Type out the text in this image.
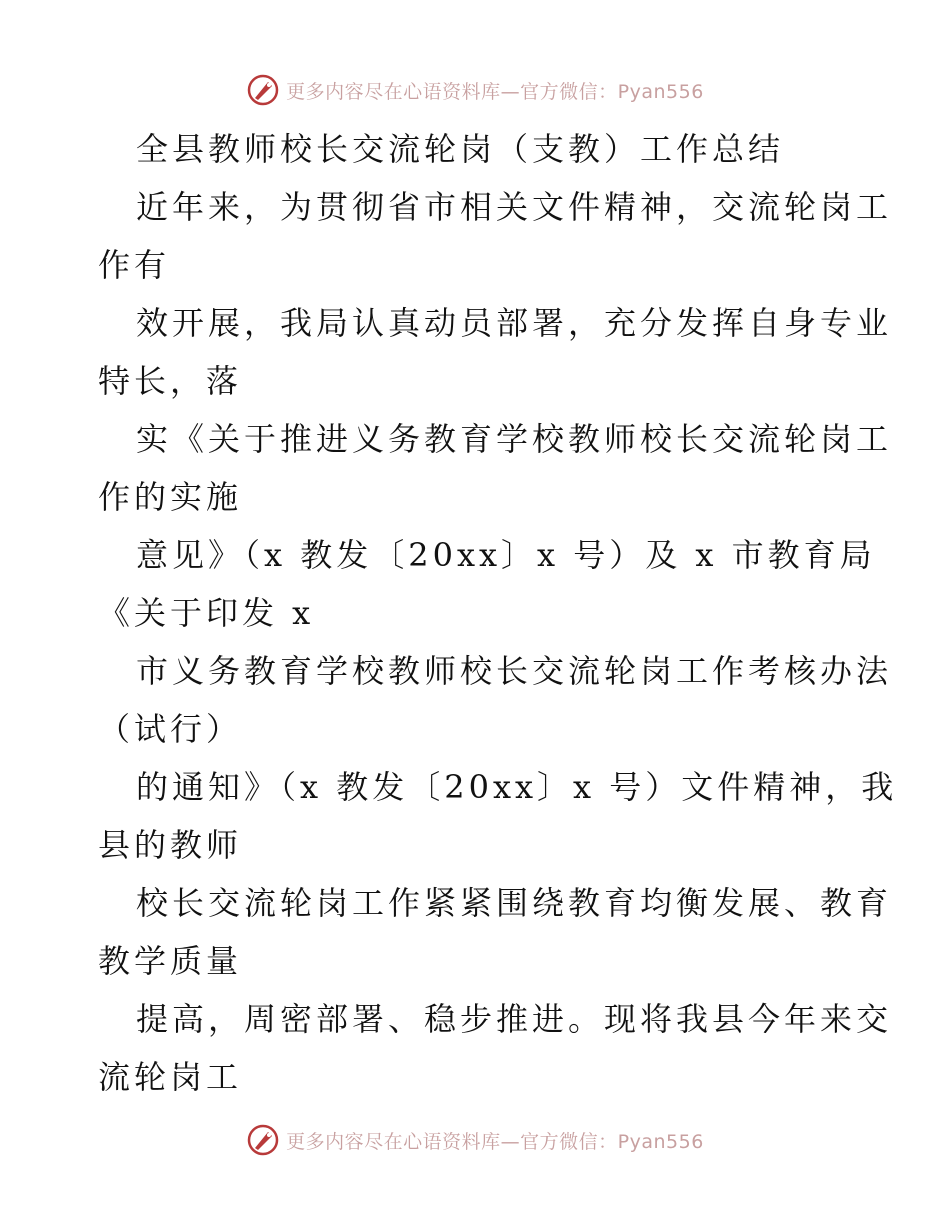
更多内容尽在心语资料库—官方微信：Pyan556
全县教师校长交流轮岗（支教）工作总结
近年来，为贯彻省市相关文件精神，交流轮岗工
作有
效开展，我局认真动员部署，充分发挥自身专业
特长，落
实《关于推进义务教育学校教师校长交流轮岗工
作的实施
意见》（x 教发〔20xx〕x 号）及 x 市教育局
《关于印发 x
市义务教育学校教师校长交流轮岗工作考核办法
（试行）
的通知》（x 教发〔20xx〕x 号）文件精神，我
县的教师
校长交流轮岗工作紧紧围绕教育均衡发展、教育
教学质量
提高，周密部署、稳步推进。现将我县今年来交
流轮岗工
更多内容尽在心语资料库—官方微信：Pyan556
